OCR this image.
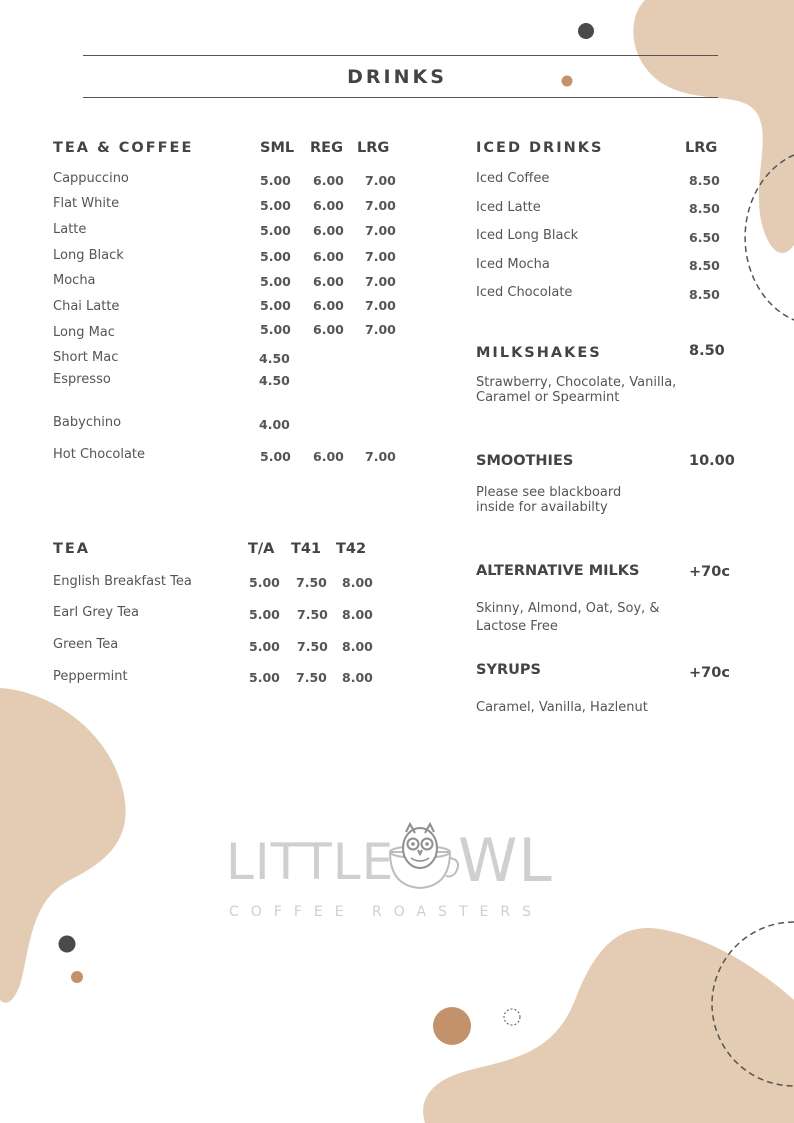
DRINKS
TEA & COFFEE	SML REG LRG
Cappuccino	5.00 6.00 7.00
Flat White	5.00 6.00 7.00
Latte	5.00 6.00 7.00
Long Black	5.00 6.00 7.00
Mocha	5.00 6.00 7.00
Chai Latte	5.00 6.00 7.00
Long Mac	5.00 6.00 7.00
Short Mac	4.50
Espresso	4.50
Babychino	4.00
Hot Chocolate	5.00 6.00 7.00
TEA	T/A T41 T42
English Breakfast Tea	5.00 7.50 8.00
Earl Grey Tea	5.00 7.50 8.00
Green Tea	5.00 7.50 8.00
Peppermint	5.00 7.50 8.00
ICED DRINKS	LRG
Iced Coffee	8.50
Iced Latte	8.50
Iced Long Black	6.50
Iced Mocha	8.50
Iced Chocolate	8.50
MILKSHAKES	8.50
Strawberry, Chocolate, Vanilla,
Caramel or Spearmint
SMOOTHIES	10.00
Please see blackboard
inside for availabilty
ALTERNATIVE MILKS	+70c
Skinny, Almond, Oat, Soy, &
Lactose Free
SYRUPS	+70c
Caramel, Vanilla, Hazlenut
LITTLE WL
COFFEE ROASTERS
